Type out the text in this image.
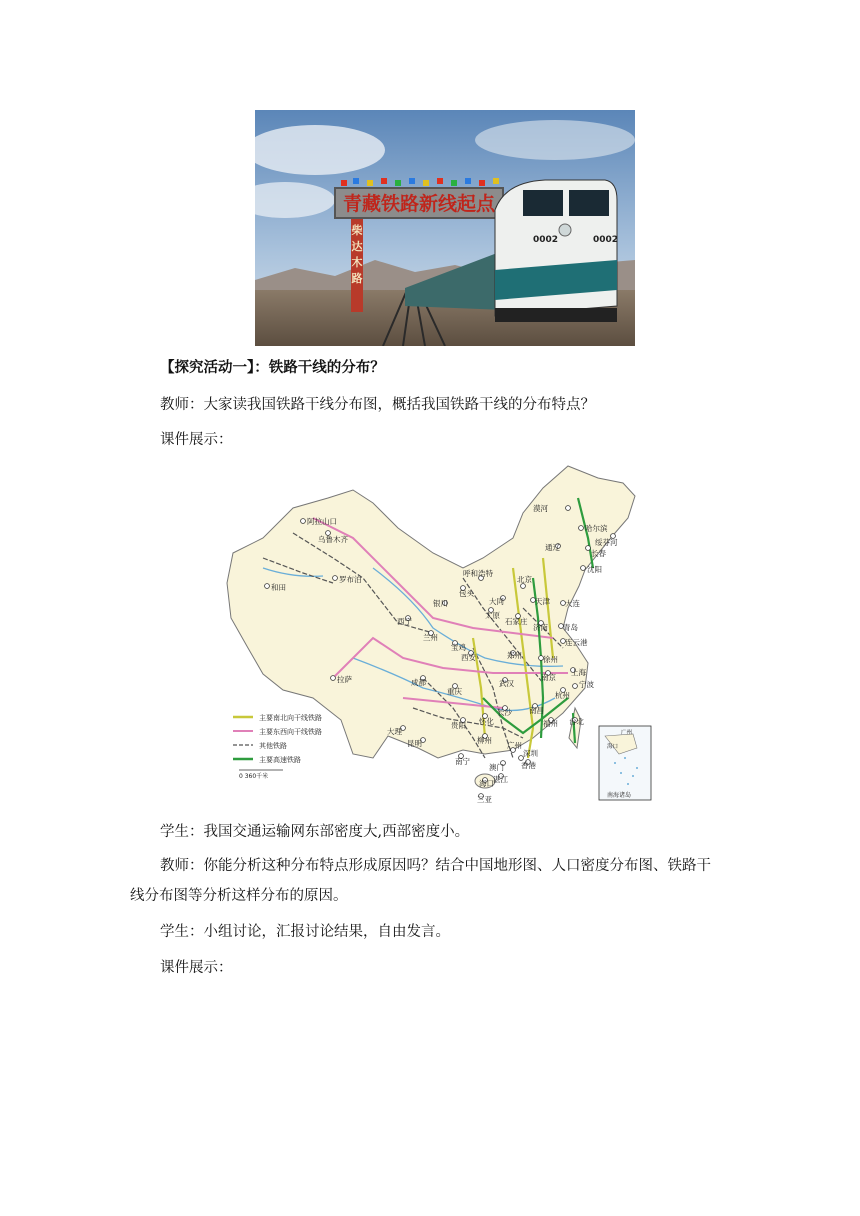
青藏铁路新线起点
0002	0002
柴
达
木
路
【探究活动一】：铁路干线的分布？
教师：大家读我国铁路干线分布图，概括我国铁路干线的分布特点？
课件展示：
阿拉山口
乌鲁木齐
罗布泊
和田
漠河
哈尔滨
绥芬河
通辽
长春
沈阳
呼和浩特
包头
北京
大同	天津 大连
银川
太原
石家庄
济南 青岛
西宁
兰州
连云港
宝鸡
西安	郑州	徐州
成都
重庆
武汉
南京
上海
宁波
杭州
拉萨
长沙
怀化
南昌
贵阳
柳州
福州 台北
大理
昆明
南宁
广州
深圳
澳门 香港
湛江
海口
三亚
主要南北向干线铁路
主要东西向干线铁路
其他铁路
主要高速铁路
0 360千米
广州
海口
南海诸岛
学生：我国交通运输网东部密度大,西部密度小。
教师：你能分析这种分布特点形成原因吗？结合中国地形图、人口密度分布图、铁路干
线分布图等分析这样分布的原因。
学生：小组讨论，汇报讨论结果，自由发言。
课件展示：
